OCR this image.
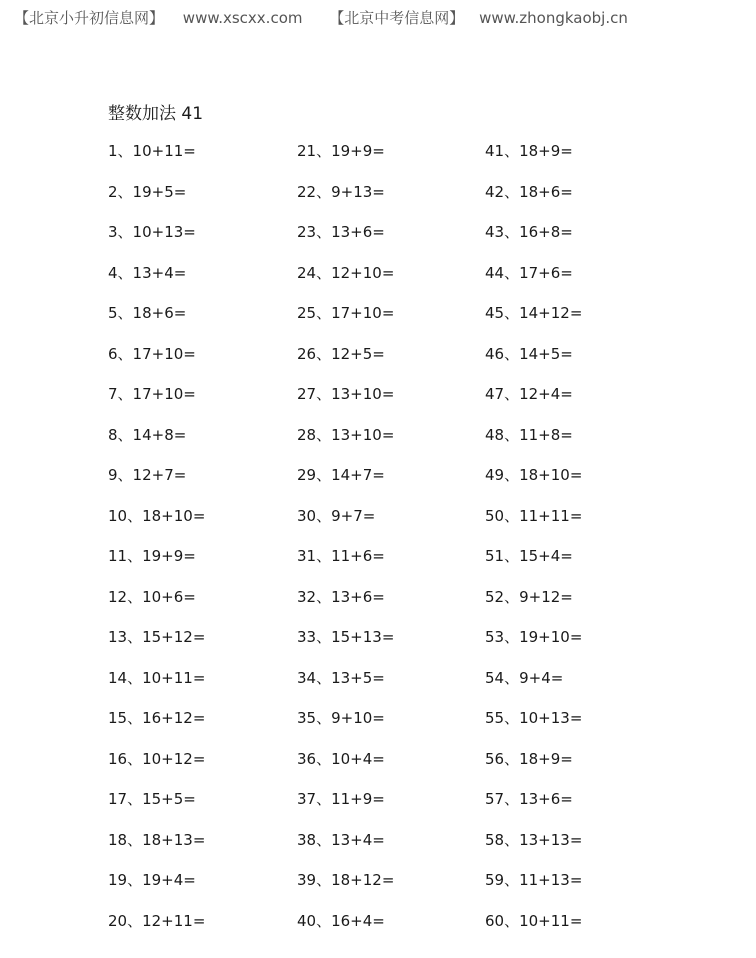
【北京小升初信息网】 www.xscxx.com 【北京中考信息网】 www.zhongkaobj.cn
整数加法 41
1、10+11=	21、19+9=	41、18+9=
2、19+5=	22、9+13=	42、18+6=
3、10+13=	23、13+6=	43、16+8=
4、13+4=	24、12+10=	44、17+6=
5、18+6=	25、17+10=	45、14+12=
6、17+10=	26、12+5=	46、14+5=
7、17+10=	27、13+10=	47、12+4=
8、14+8=	28、13+10=	48、11+8=
9、12+7=	29、14+7=	49、18+10=
10、18+10=	30、9+7=	50、11+11=
11、19+9=	31、11+6=	51、15+4=
12、10+6=	32、13+6=	52、9+12=
13、15+12=	33、15+13=	53、19+10=
14、10+11=	34、13+5=	54、9+4=
15、16+12=	35、9+10=	55、10+13=
16、10+12=	36、10+4=	56、18+9=
17、15+5=	37、11+9=	57、13+6=
18、18+13=	38、13+4=	58、13+13=
19、19+4=	39、18+12=	59、11+13=
20、12+11=	40、16+4=	60、10+11=
